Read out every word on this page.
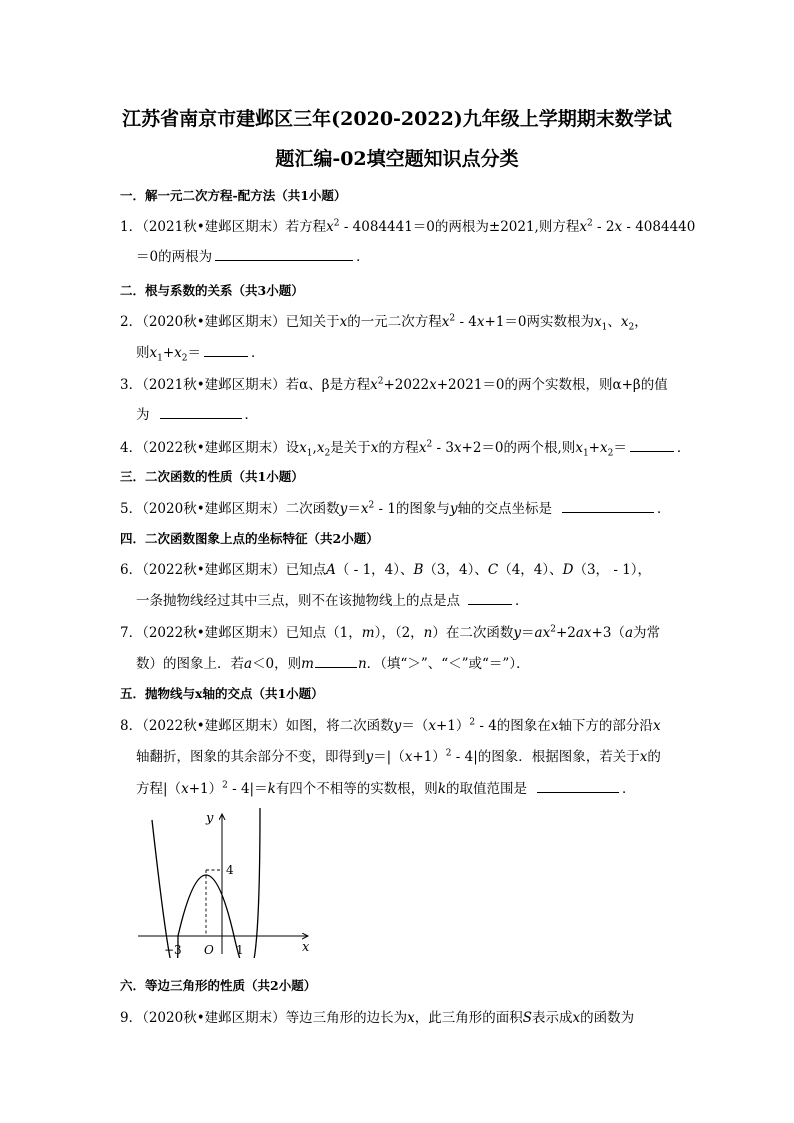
江苏省南京市建邺区三年(2020-2022)九年级上学期期末数学试
题汇编-02填空题知识点分类
一．解一元二次方程-配方法（共1小题）
1．（2021秋•建邺区期末）若方程$x^2 - 4084441=0$的两根为±2021,则方程$x^2 - 2x - 4084440$
＝0的两根为	．
二．根与系数的关系（共3小题）
2．（2020秋•建邺区期末）已知关于x的一元二次方程$x^2 - 4x+1=0$两实数根为$x_1$、$x_2$，
则$x_1+x_2=$	．
3．（2021秋•建邺区期末）若α、β是方程$x^2+2022x+2021=0$的两个实数根，则α+β的值
为	．
4．（2022秋•建邺区期末）设$x_1,x_2$是关于x的方程$x^2 - 3x+2=0$的两个根,则$x_1+x_2=$	．
三．二次函数的性质（共1小题）
5．（2020秋•建邺区期末）二次函数$y=x^2 - 1$的图象与y轴的交点坐标是	．
四．二次函数图象上点的坐标特征（共2小题）
6．（2022秋•建邺区期末）已知点A（ - 1，4）、B（3，4）、C（4，4）、D（3， - 1），
一条抛物线经过其中三点，则不在该抛物线上的点是点	．
7．（2022秋•建邺区期末）已知点（1，m），（2，n）在二次函数$y=ax^2+2ax+3(a$为常
数）的图象上．若a＜0，则m	n．（填“＞”、“＜”或“＝”）．
五．抛物线与x轴的交点（共1小题）
8．（2022秋•建邺区期末）如图，将二次函数$y=(x+1)^2 - 4$的图象在x轴下方的部分沿x
轴翻折，图象的其余部分不变，即得到$y=|(x+1)^2 - 4|$的图象．根据图象，若关于x的
方程$|(x+1)^2 - 4|=k$有四个不相等的实数根，则k的取值范围是	．
y
x
O
−3	1
4
六．等边三角形的性质（共2小题）
9．（2020秋•建邺区期末）等边三角形的边长为x，此三角形的面积S表示成x的函数为
